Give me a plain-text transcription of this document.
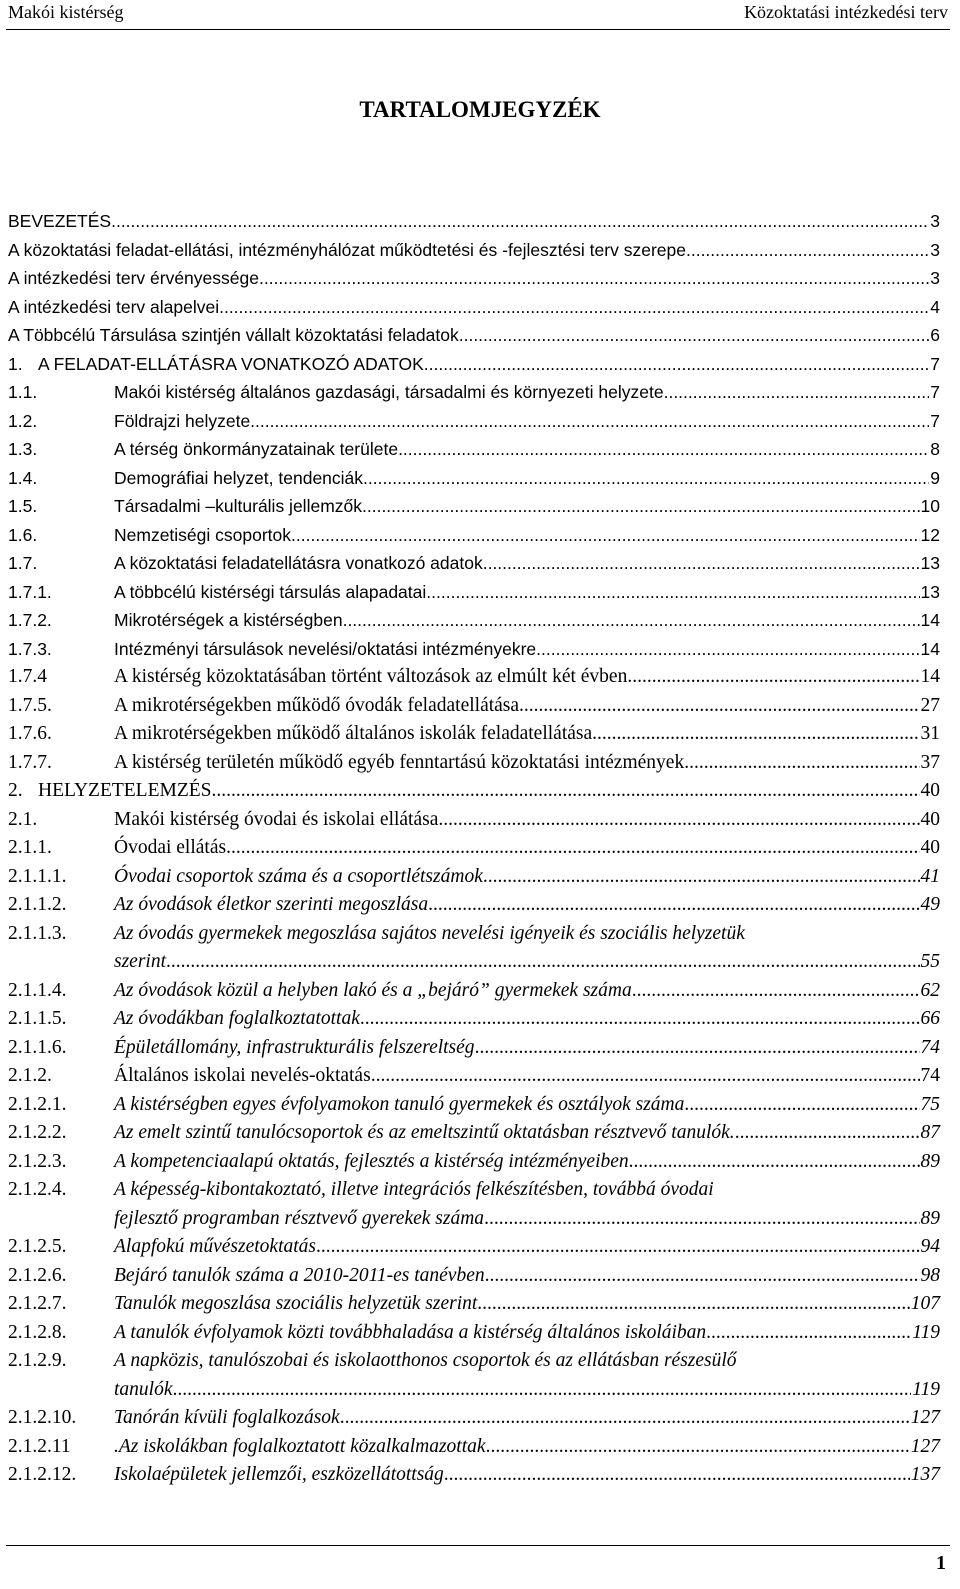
Makói kistérség	Közoktatási intézkedési terv
TARTALOMJEGYZÉK
BEVEZETÉS .....	3
A közoktatási feladat-ellátási, intézményhálózat működtetési és -fejlesztési terv szerepe .....	3
A intézkedési terv érvényessége .....	3
A intézkedési terv alapelvei .....	4
A Többcélú Társulása szintjén vállalt közoktatási feladatok .....	6
1. A FELADAT-ELLÁTÁSRA VONATKOZÓ ADATOK .....	7
1.1.	Makói kistérség általános gazdasági, társadalmi és környezeti helyzete .....	7
1.2.	Földrajzi helyzete .....	7
1.3.	A térség önkormányzatainak területe .....	8
1.4.	Demográfiai helyzet, tendenciák .....	9
1.5.	Társadalmi –kulturális jellemzők .....	10
1.6.	Nemzetiségi csoportok .....	12
1.7.	A közoktatási feladatellátásra vonatkozó adatok .....	13
1.7.1.	A többcélú kistérségi társulás alapadatai .....	13
1.7.2.	Mikrotérségek a kistérségben .....	14
1.7.3.	Intézményi társulások nevelési/oktatási intézményekre .....	14
1.7.4	A kistérség közoktatásában történt változások az elmúlt két évben .....	14
1.7.5.	A mikrotérségekben működő óvodák feladatellátása .....	27
1.7.6.	A mikrotérségekben működő általános iskolák feladatellátása .....	31
1.7.7.	A kistérség területén működő egyéb fenntartású közoktatási intézmények .....	37
2. HELYZETELEMZÉS .....	40
2.1.	Makói kistérség óvodai és iskolai ellátása .....	40
2.1.1.	Óvodai ellátás .....	40
2.1.1.1. Óvodai csoportok száma és a csoportlétszámok .....	41
2.1.1.2. Az óvodások életkor szerinti megoszlása .....	49
2.1.1.3. Az óvodás gyermekek megoszlása sajátos nevelési igényeik és szociális helyzetük
szerint .....	55
2.1.1.4. Az óvodások közül a helyben lakó és a „bejáró” gyermekek száma .....	62
2.1.1.5. Az óvodákban foglalkoztatottak .....	66
2.1.1.6. Épületállomány, infrastrukturális felszereltség .....	74
2.1.2.	Általános iskolai nevelés-oktatás .....	74
2.1.2.1. A kistérségben egyes évfolyamokon tanuló gyermekek és osztályok száma .....	75
2.1.2.2. Az emelt szintű tanulócsoportok és az emeltszintű oktatásban résztvevő tanulók. .....	87
2.1.2.3. A kompetenciaalapú oktatás, fejlesztés a kistérség intézményeiben .....	89
2.1.2.4. A képesség-kibontakoztató, illetve integrációs felkészítésben, továbbá óvodai
fejlesztő programban résztvevő gyerekek száma .....	89
2.1.2.5. Alapfokú művészetoktatás .....	94
2.1.2.6. Bejáró tanulók száma a 2010-2011-es tanévben .....	98
2.1.2.7. Tanulók megoszlása szociális helyzetük szerint .....	107
2.1.2.8. A tanulók évfolyamok közti továbbhaladása a kistérség általános iskoláiban .....	119
2.1.2.9. A napközis, tanulószobai és iskolaotthonos csoportok és az ellátásban részesülő
tanulók .....	119
2.1.2.10. Tanórán kívüli foglalkozások .....	127
2.1.2.11 .Az iskolákban foglalkoztatott közalkalmazottak .....	127
2.1.2.12. Iskolaépületek jellemzői, eszközellátottság .....	137
1
